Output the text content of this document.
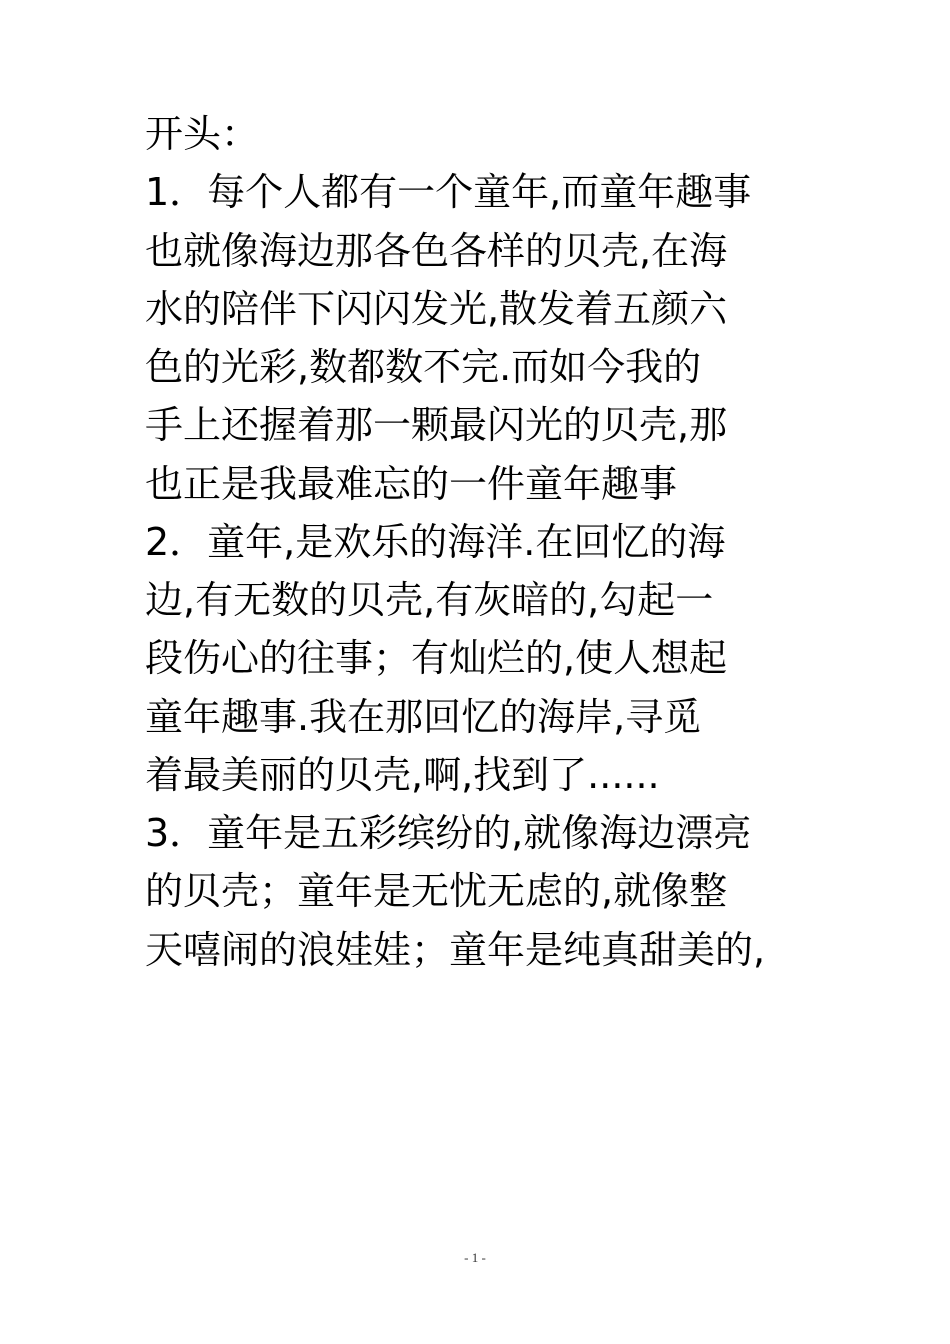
开头：
1．每个人都有一个童年,而童年趣事
也就像海边那各色各样的贝壳,在海
水的陪伴下闪闪发光,散发着五颜六
色的光彩,数都数不完.而如今我的
手上还握着那一颗最闪光的贝壳,那
也正是我最难忘的一件童年趣事
2．童年,是欢乐的海洋.在回忆的海
边,有无数的贝壳,有灰暗的,勾起一
段伤心的往事；有灿烂的,使人想起
童年趣事.我在那回忆的海岸,寻觅
着最美丽的贝壳,啊,找到了......
3．童年是五彩缤纷的,就像海边漂亮
的贝壳；童年是无忧无虑的,就像整
天嘻闹的浪娃娃；童年是纯真甜美的,
- 1 -
